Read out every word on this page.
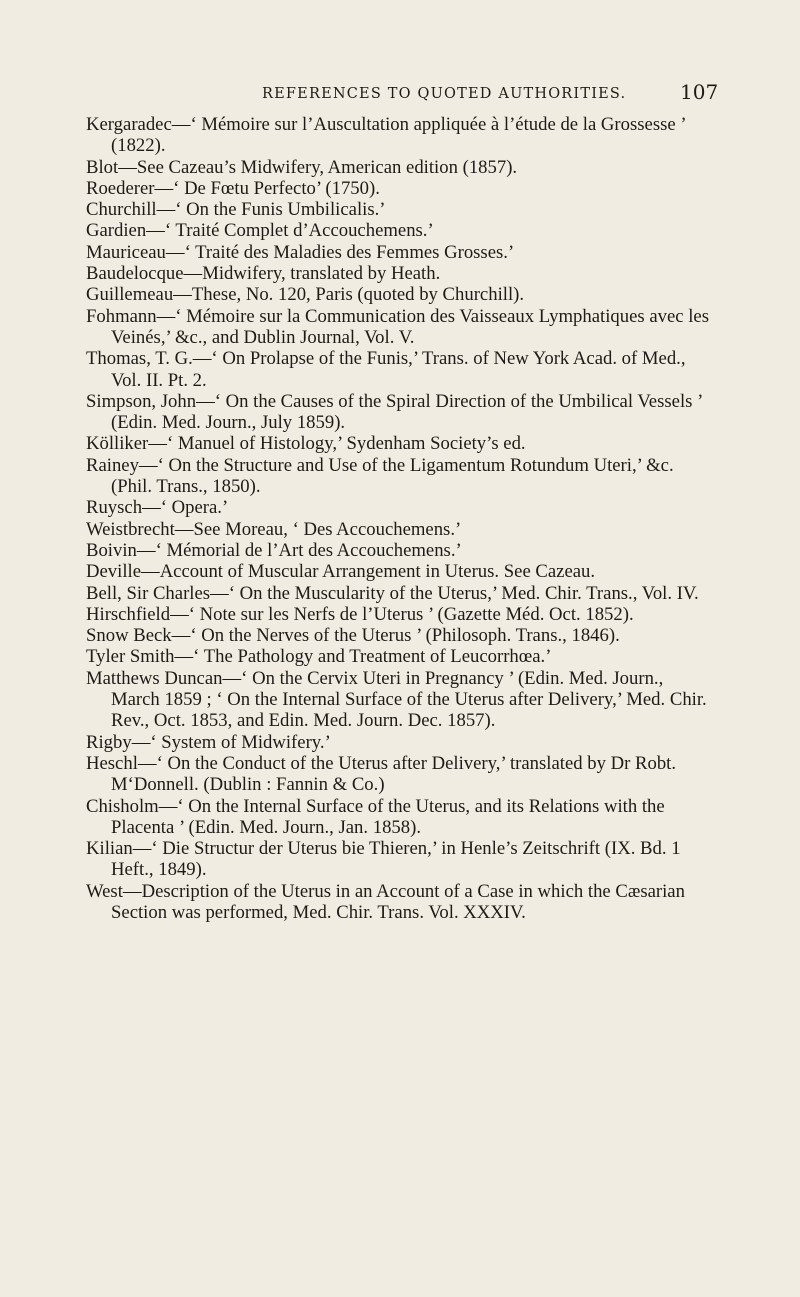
REFERENCES TO QUOTED AUTHORITIES.	107
Kergaradec—‘ Mémoire sur l’Auscultation appliquée à l’étude de la Grossesse ’ (1822).
Blot—See Cazeau’s Midwifery, American edition (1857).
Roederer—‘ De Fœtu Perfecto’ (1750).
Churchill—‘ On the Funis Umbilicalis.’
Gardien—‘ Traité Complet d’Accouchemens.’
Mauriceau—‘ Traité des Maladies des Femmes Grosses.’
Baudelocque—Midwifery, translated by Heath.
Guillemeau—These, No. 120, Paris (quoted by Churchill).
Fohmann—‘ Mémoire sur la Communication des Vaisseaux Lymphatiques avec les Veinés,’ &c., and Dublin Journal, Vol. V.
Thomas, T. G.—‘ On Prolapse of the Funis,’ Trans. of New York Acad. of Med., Vol. II. Pt. 2.
Simpson, John—‘ On the Causes of the Spiral Direction of the Umbilical Vessels ’ (Edin. Med. Journ., July 1859).
Kölliker—‘ Manuel of Histology,’ Sydenham Society’s ed.
Rainey—‘ On the Structure and Use of the Ligamentum Rotundum Uteri,’ &c. (Phil. Trans., 1850).
Ruysch—‘ Opera.’
Weistbrecht—See Moreau, ‘ Des Accouchemens.’
Boivin—‘ Mémorial de l’Art des Accouchemens.’
Deville—Account of Muscular Arrangement in Uterus. See Cazeau.
Bell, Sir Charles—‘ On the Muscularity of the Uterus,’ Med. Chir. Trans., Vol. IV.
Hirschfield—‘ Note sur les Nerfs de l’Uterus ’ (Gazette Méd. Oct. 1852).
Snow Beck—‘ On the Nerves of the Uterus ’ (Philosoph. Trans., 1846).
Tyler Smith—‘ The Pathology and Treatment of Leucorrhœa.’
Matthews Duncan—‘ On the Cervix Uteri in Pregnancy ’ (Edin. Med. Journ., March 1859 ; ‘ On the Internal Surface of the Uterus after Delivery,’ Med. Chir. Rev., Oct. 1853, and Edin. Med. Journ. Dec. 1857).
Rigby—‘ System of Midwifery.’
Heschl—‘ On the Conduct of the Uterus after Delivery,’ translated by Dr Robt. M‘Donnell. (Dublin : Fannin & Co.)
Chisholm—‘ On the Internal Surface of the Uterus, and its Relations with the Placenta ’ (Edin. Med. Journ., Jan. 1858).
Kilian—‘ Die Structur der Uterus bie Thieren,’ in Henle’s Zeitschrift (IX. Bd. 1 Heft., 1849).
West—Description of the Uterus in an Account of a Case in which the Cæsarian Section was performed, Med. Chir. Trans. Vol. XXXIV.
